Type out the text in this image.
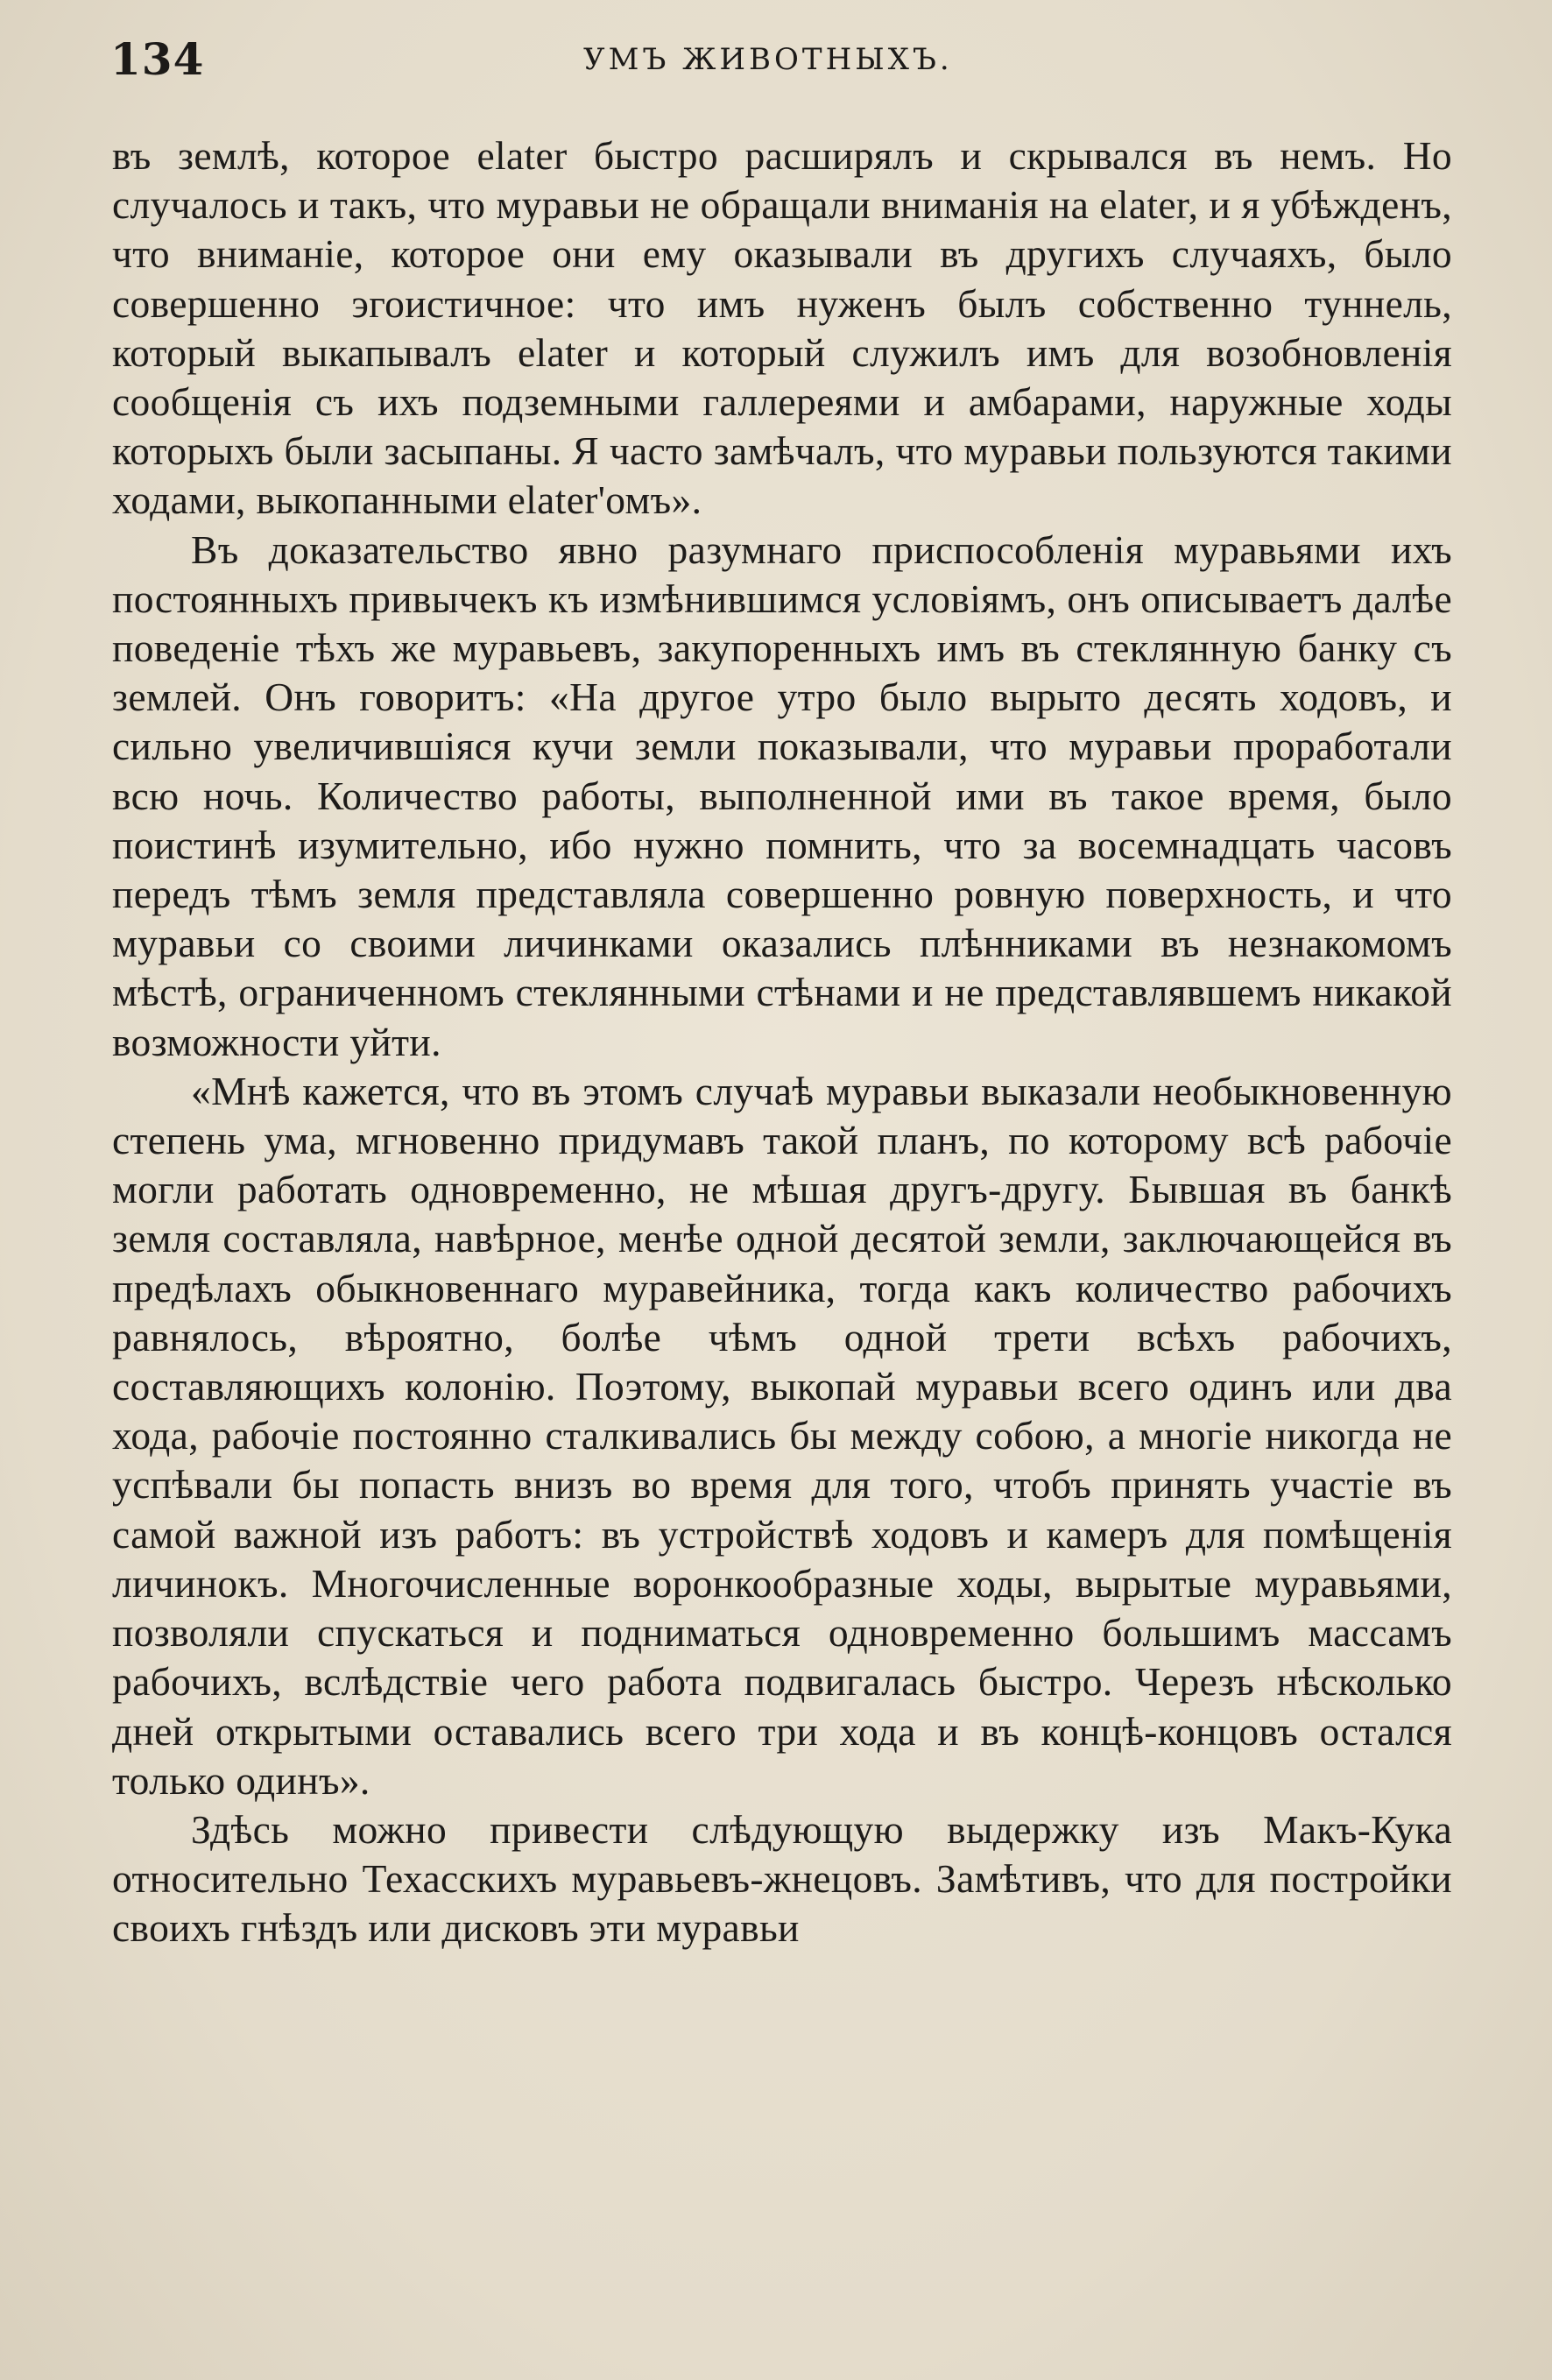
134	УМЪ ЖИВОТНЫХЪ.

въ землѣ, которое elater быстро расширялъ и скрывался въ немъ. Но случалось и такъ, что муравьи не обращали вниманія на elater, и я убѣжденъ, что вниманіе, которое они ему оказывали въ другихъ случаяхъ, было совершенно эгоистичное: что имъ нуженъ былъ собственно туннель, который выкапывалъ elater и который служилъ имъ для возобновленія сообщенія съ ихъ подземными галлереями и амбарами, наружные ходы которыхъ были засыпаны. Я часто замѣчалъ, что муравьи пользуются такими ходами, выкопанными elater'омъ».

Въ доказательство явно разумнаго приспособленія муравьями ихъ постоянныхъ привычекъ къ измѣнившимся условіямъ, онъ описываетъ далѣе поведеніе тѣхъ же муравьевъ, закупоренныхъ имъ въ стеклянную банку съ землей. Онъ говоритъ: «На другое утро было вырыто десять ходовъ, и сильно увеличившіяся кучи земли показывали, что муравьи проработали всю ночь. Количество работы, выполненной ими въ такое время, было поистинѣ изумительно, ибо нужно помнить, что за восемнадцать часовъ передъ тѣмъ земля представляла совершенно ровную поверхность, и что муравьи со своими личинками оказались плѣнниками въ незнакомомъ мѣстѣ, ограниченномъ стеклянными стѣнами и не представлявшемъ никакой возможности уйти.

«Мнѣ кажется, что въ этомъ случаѣ муравьи выказали необыкновенную степень ума, мгновенно придумавъ такой планъ, по которому всѣ рабочіе могли работать одновременно, не мѣшая другъ-другу. Бывшая въ банкѣ земля составляла, навѣрное, менѣе одной десятой земли, заключающейся въ предѣлахъ обыкновеннаго муравейника, тогда какъ количество рабочихъ равнялось, вѣроятно, болѣе чѣмъ одной трети всѣхъ рабочихъ, составляющихъ колонію. Поэтому, выкопай муравьи всего одинъ или два хода, рабочіе постоянно сталкивались бы между собою, а многіе никогда не успѣвали бы попасть внизъ во время для того, чтобъ принять участіе въ самой важной изъ работъ: въ устройствѣ ходовъ и камеръ для помѣщенія личинокъ. Многочисленные воронкообразные ходы, вырытые муравьями, позволяли спускаться и подниматься одновременно большимъ массамъ рабочихъ, вслѣдствіе чего работа подвигалась быстро. Черезъ нѣсколько дней открытыми оставались всего три хода и въ концѣ-концовъ остался только одинъ».

Здѣсь можно привести слѣдующую выдержку изъ Макъ-Кука относительно Техасскихъ муравьевъ-жнецовъ. Замѣтивъ, что для постройки своихъ гнѣздъ или дисковъ эти муравьи
